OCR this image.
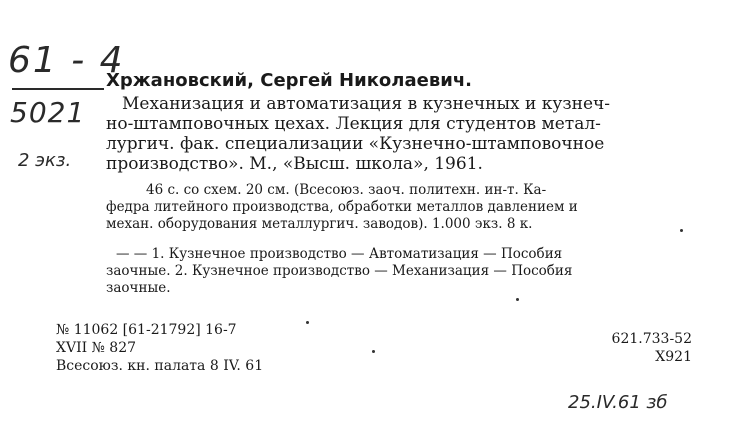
61 - 4
5021
2 экз.
25.IV.61 ɜб
Хржановский, Сергей Николаевич.
Механизация и автоматизация в кузнечных и кузнеч-
но-штамповочных цехах. Лекция для студентов метал-
лургич. фак. специализации «Кузнечно-штамповочное
производство». М., «Высш. школа», 1961.
46 с. со схем. 20 см. (Всесоюз. заоч. политехн. ин-т. Ка-
федра литейного производства, обработки металлов давлением и
механ. оборудования металлургич. заводов). 1.000 экз. 8 к.
— — 1. Кузнечное производство — Автоматизация — Пособия
заочные. 2. Кузнечное производство — Механизация — Пособия
заочные.
№ 11062 [61-21792] 16-7
XVII № 827
Всесоюз. кн. палата 8 IV. 61
621.733-52
Х921
